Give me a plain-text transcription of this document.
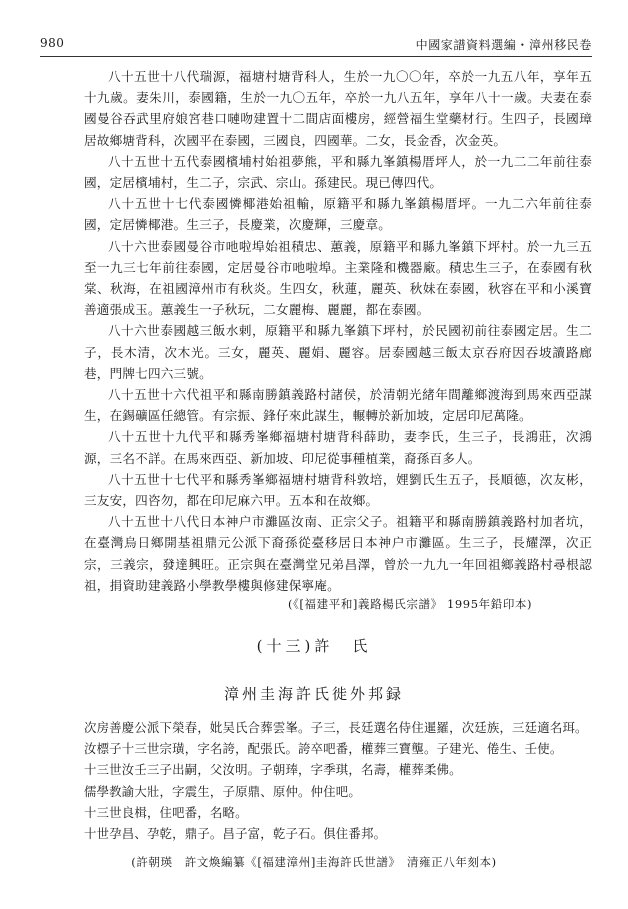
980	中國家譜資料選編・漳州移民卷

八十五世十八代瑞源，福塘村塘背科人，生於一九〇〇年，卒於一九五八年，享年五十九歲。妻朱川，泰國籍，生於一九〇五年，卒於一九八五年，享年八十一歲。夫妻在泰國曼谷吞武里府娘宮巷口嗹吻建置十二間店面樓房，經營福生堂藥材行。生四子，長國璋居故鄉塘背科，次國平在泰國，三國良，四國華。二女，長金香，次金英。

八十五世十五代泰國檳埔村始祖夢熊，平和縣九峯鎮楊厝坪人，於一九二二年前往泰國，定居檳埔村，生二子，宗武、宗山。孫建民。現已傳四代。

八十五世十七代泰國憐椰港始祖輸，原籍平和縣九峯鎮楊厝坪。一九二六年前往泰國，定居憐椰港。生三子，長慶業，次慶輝，三慶章。

八十六世泰國曼谷市吔啦埠始祖積忠、蕙義，原籍平和縣九峯鎮下坪村。於一九三五至一九三七年前往泰國，定居曼谷市吔啦埠。主業隆和機器廠。積忠生三子，在泰國有秋棠、秋海，在祖國漳州市有秋炎。生四女，秋蓮，麗英、秋妹在泰國，秋容在平和小溪寶善適張成玉。蕙義生一子秋玩，二女麗梅、麗麗，都在泰國。

八十六世泰國越三飯水剌，原籍平和縣九峯鎮下坪村，於民國初前往泰國定居。生二子，長木清，次木光。三女，麗英、麗娟、麗容。居泰國越三飯太京吞府因吞坡讀路廊巷，門牌七四六三號。

八十五世十六代祖平和縣南勝鎮義路村諸侯，於清朝光緒年間離鄉渡海到馬來西亞謀生，在錫礦區任總管。有宗振、鋒仔來此謀生，輾轉於新加坡，定居印尼萬隆。

八十五世十九代平和縣秀峯鄉福塘村塘背科薛助，妻李氏，生三子，長鴻莊，次鴻源，三名不詳。在馬來西亞、新加坡、印尼從事種植業，裔孫百多人。

八十五世十七代平和縣秀峯鄉福塘村塘背科敦培，娌劉氏生五子，長順德，次友彬，三友安，四咨勿，都在印尼麻六甲。五本和在故鄉。

八十五世十八代日本神户市灘區汝南、正宗父子。祖籍平和縣南勝鎮義路村加者坑，在臺灣烏日鄉開基祖鼎元公派下裔孫從臺移居日本神户市灘區。生三子，長耀澤，次正宗，三義宗，發達興旺。正宗與在臺灣堂兄弟昌澤，曾於一九九一年回祖鄉義路村尋根認祖，捐資助建義路小學教學樓與修建保寧庵。

(《[福建平和]義路楊氏宗譜》 1995年鉛印本)
(十三)許　氏
漳州圭海許氏徙外邦録

次房善慶公派下榮春，妣吴氏合葬雲峯。子三，長廷選名侍住暹羅，次廷族，三廷適名珥。

汝標子十三世宗璜，字名誇，配張氏。誇卒吧番，權葬三寶壟。子建光、倦生、壬使。

十三世汝壬三子出嗣，父汝明。子朝琫，字季琪，名壽，權葬柔佛。

儒學教諭大壯，字震生，子原鼎、原仲。仲住吧。

十三世良楫，住吧番，名略。

十世孕昌、孕乾，鼎子。昌子富，乾子石。俱住番邦。

(許朝瑛　許文煥編纂《[福建漳州]圭海許氏世譜》　清雍正八年刻本)
